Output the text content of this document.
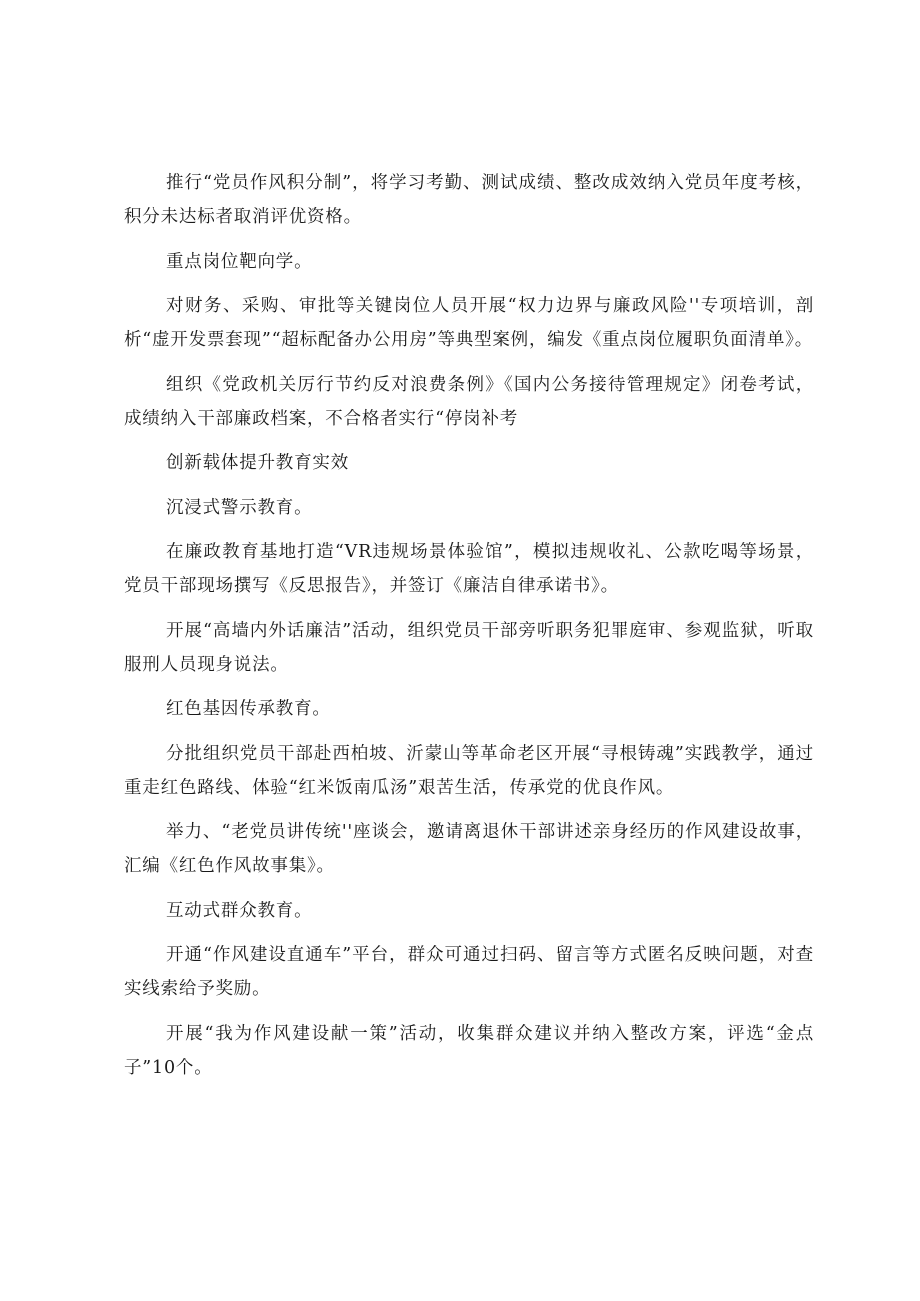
推行“党员作风积分制”，将学习考勤、测试成绩、整改成效纳入党员年度考核，积分未达标者取消评优资格。

重点岗位靶向学。

对财务、采购、审批等关键岗位人员开展“权力边界与廉政风险''专项培训，剖析“虚开发票套现”“超标配备办公用房”等典型案例，编发《重点岗位履职负面清单》。

组织《党政机关厉行节约反对浪费条例》《国内公务接待管理规定》闭卷考试，成绩纳入干部廉政档案，不合格者实行“停岗补考

创新载体提升教育实效

沉浸式警示教育。

在廉政教育基地打造“VR违规场景体验馆”，模拟违规收礼、公款吃喝等场景，党员干部现场撰写《反思报告》，并签订《廉洁自律承诺书》。

开展“高墙内外话廉洁”活动，组织党员干部旁听职务犯罪庭审、参观监狱，听取服刑人员现身说法。

红色基因传承教育。

分批组织党员干部赴西柏坡、沂蒙山等革命老区开展“寻根铸魂”实践教学，通过重走红色路线、体验“红米饭南瓜汤”艰苦生活，传承党的优良作风。

举力、“老党员讲传统''座谈会，邀请离退休干部讲述亲身经历的作风建设故事，汇编《红色作风故事集》。

互动式群众教育。

开通“作风建设直通车”平台，群众可通过扫码、留言等方式匿名反映问题，对查实线索给予奖励。

开展“我为作风建设献一策”活动，收集群众建议并纳入整改方案，评选“金点子”10个。
